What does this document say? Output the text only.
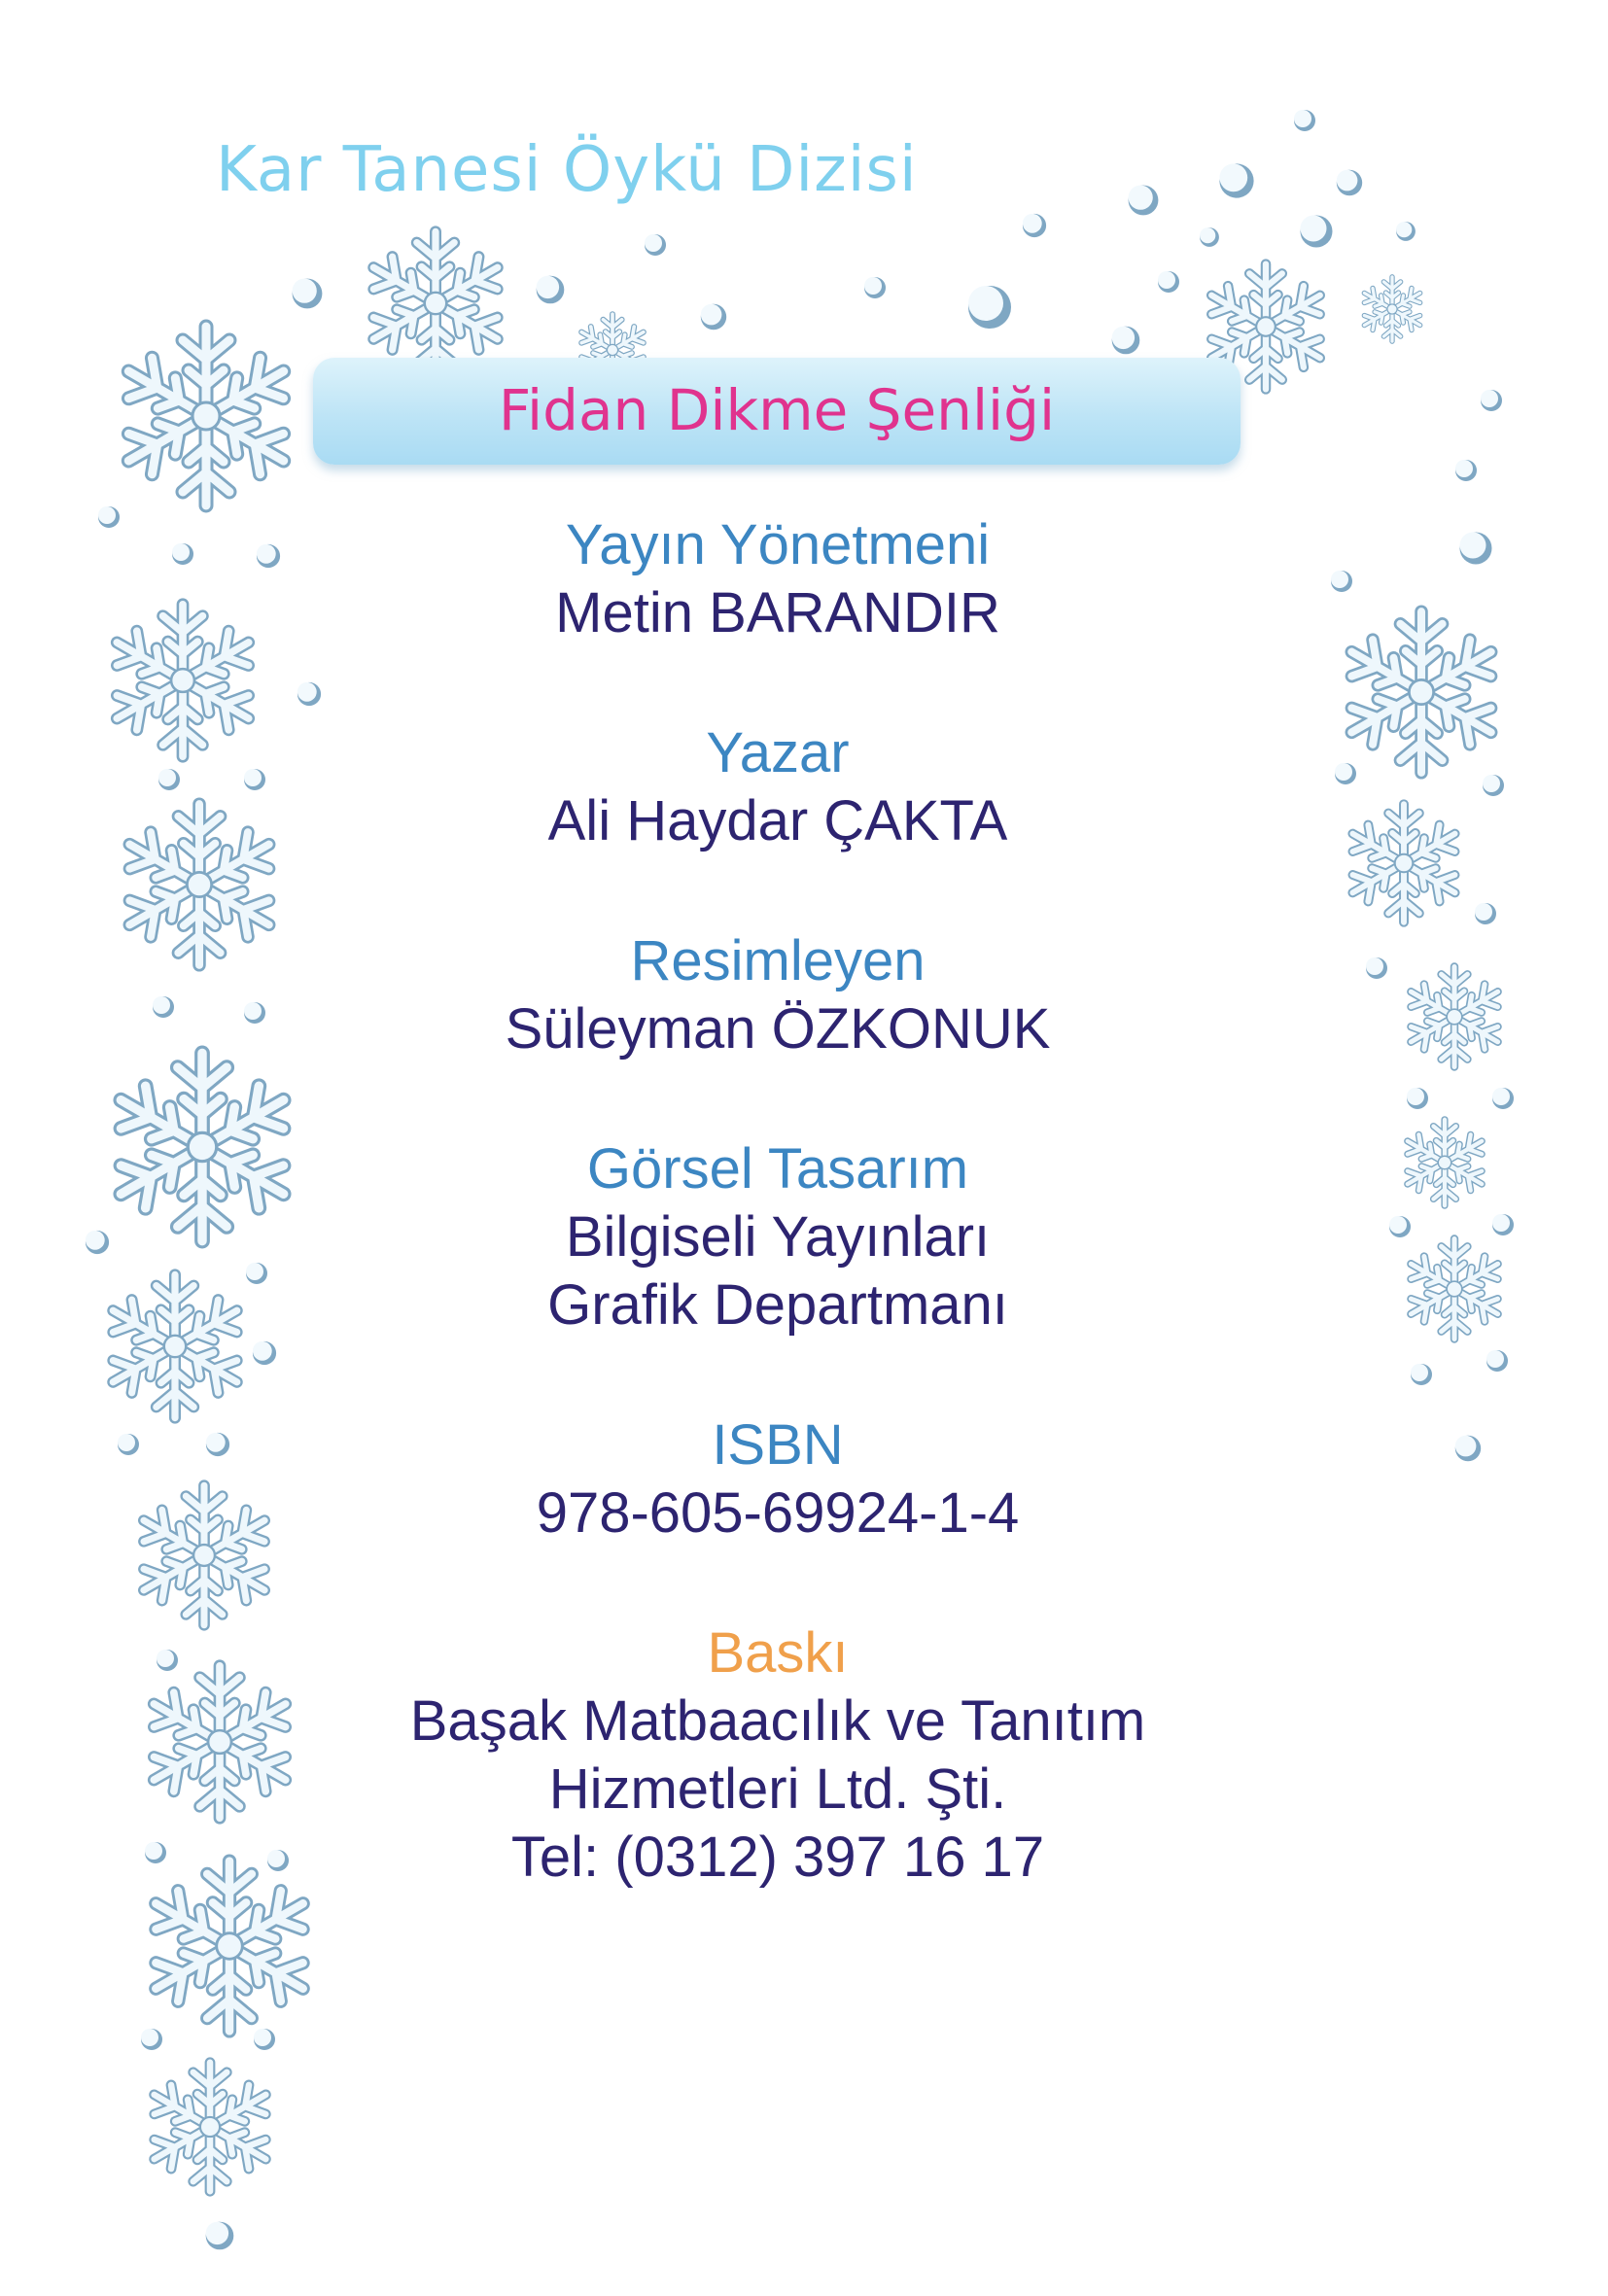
Kar Tanesi Öykü Dizisi
Fidan Dikme Şenliği
Yayın Yönetmeni
Metin BARANDIR
Yazar
Ali Haydar ÇAKTA
Resimleyen
Süleyman ÖZKONUK
Görsel Tasarım
Bilgiseli Yayınları
Grafik Departmanı
ISBN
978-605-69924-1-4
Baskı
Başak Matbaacılık ve Tanıtım
Hizmetleri Ltd. Şti.
Tel: (0312) 397 16 17
